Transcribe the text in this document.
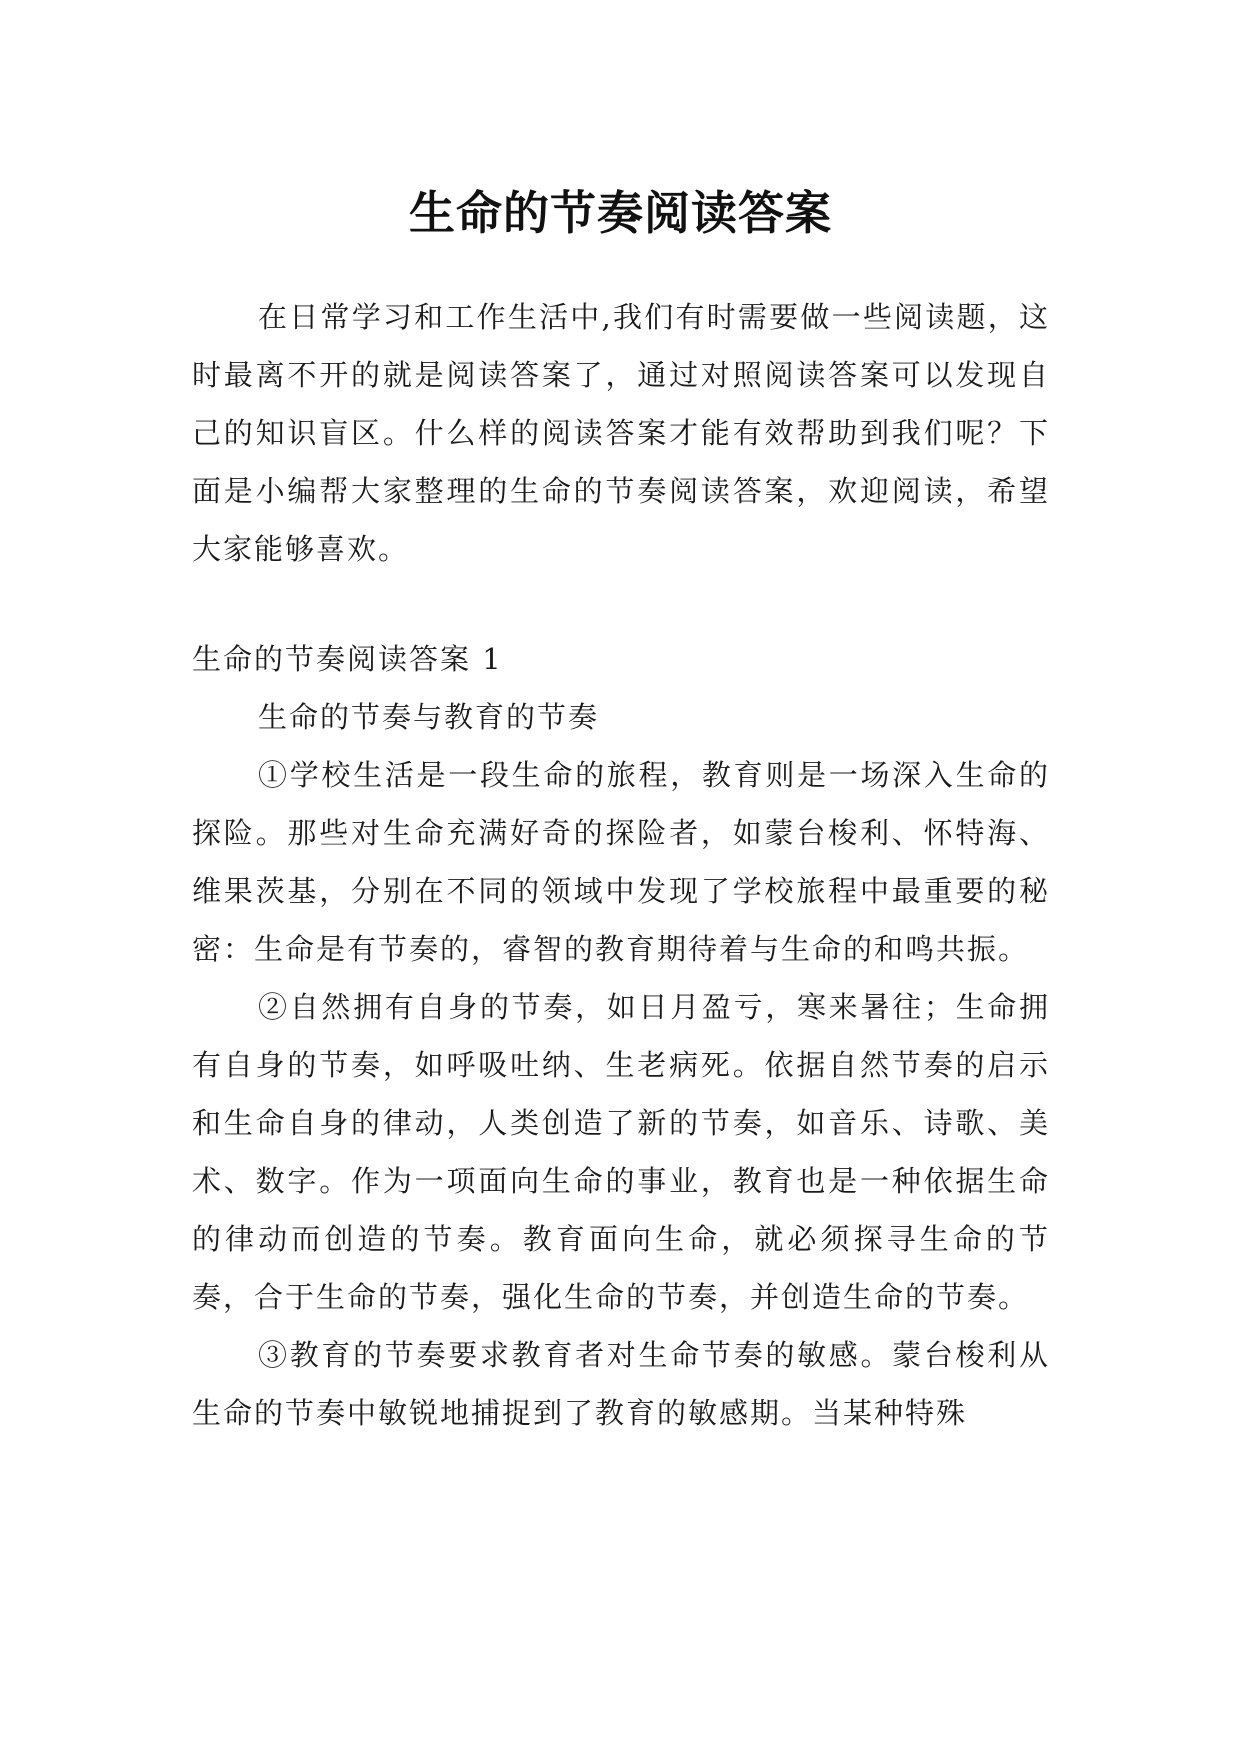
生命的节奏阅读答案

在日常学习和工作生活中,我们有时需要做一些阅读题，这时最离不开的就是阅读答案了，通过对照阅读答案可以发现自己的知识盲区。什么样的阅读答案才能有效帮助到我们呢？下面是小编帮大家整理的生命的节奏阅读答案，欢迎阅读，希望大家能够喜欢。

生命的节奏阅读答案 1

生命的节奏与教育的节奏

①学校生活是一段生命的旅程，教育则是一场深入生命的探险。那些对生命充满好奇的探险者，如蒙台梭利、怀特海、维果茨基，分别在不同的领域中发现了学校旅程中最重要的秘密：生命是有节奏的，睿智的教育期待着与生命的和鸣共振。

②自然拥有自身的节奏，如日月盈亏，寒来暑往；生命拥有自身的节奏，如呼吸吐纳、生老病死。依据自然节奏的启示和生命自身的律动，人类创造了新的节奏，如音乐、诗歌、美术、数字。作为一项面向生命的事业，教育也是一种依据生命的律动而创造的节奏。教育面向生命，就必须探寻生命的节奏，合于生命的节奏，强化生命的节奏，并创造生命的节奏。

③教育的节奏要求教育者对生命节奏的敏感。蒙台梭利从生命的节奏中敏锐地捕捉到了教育的敏感期。当某种特殊
